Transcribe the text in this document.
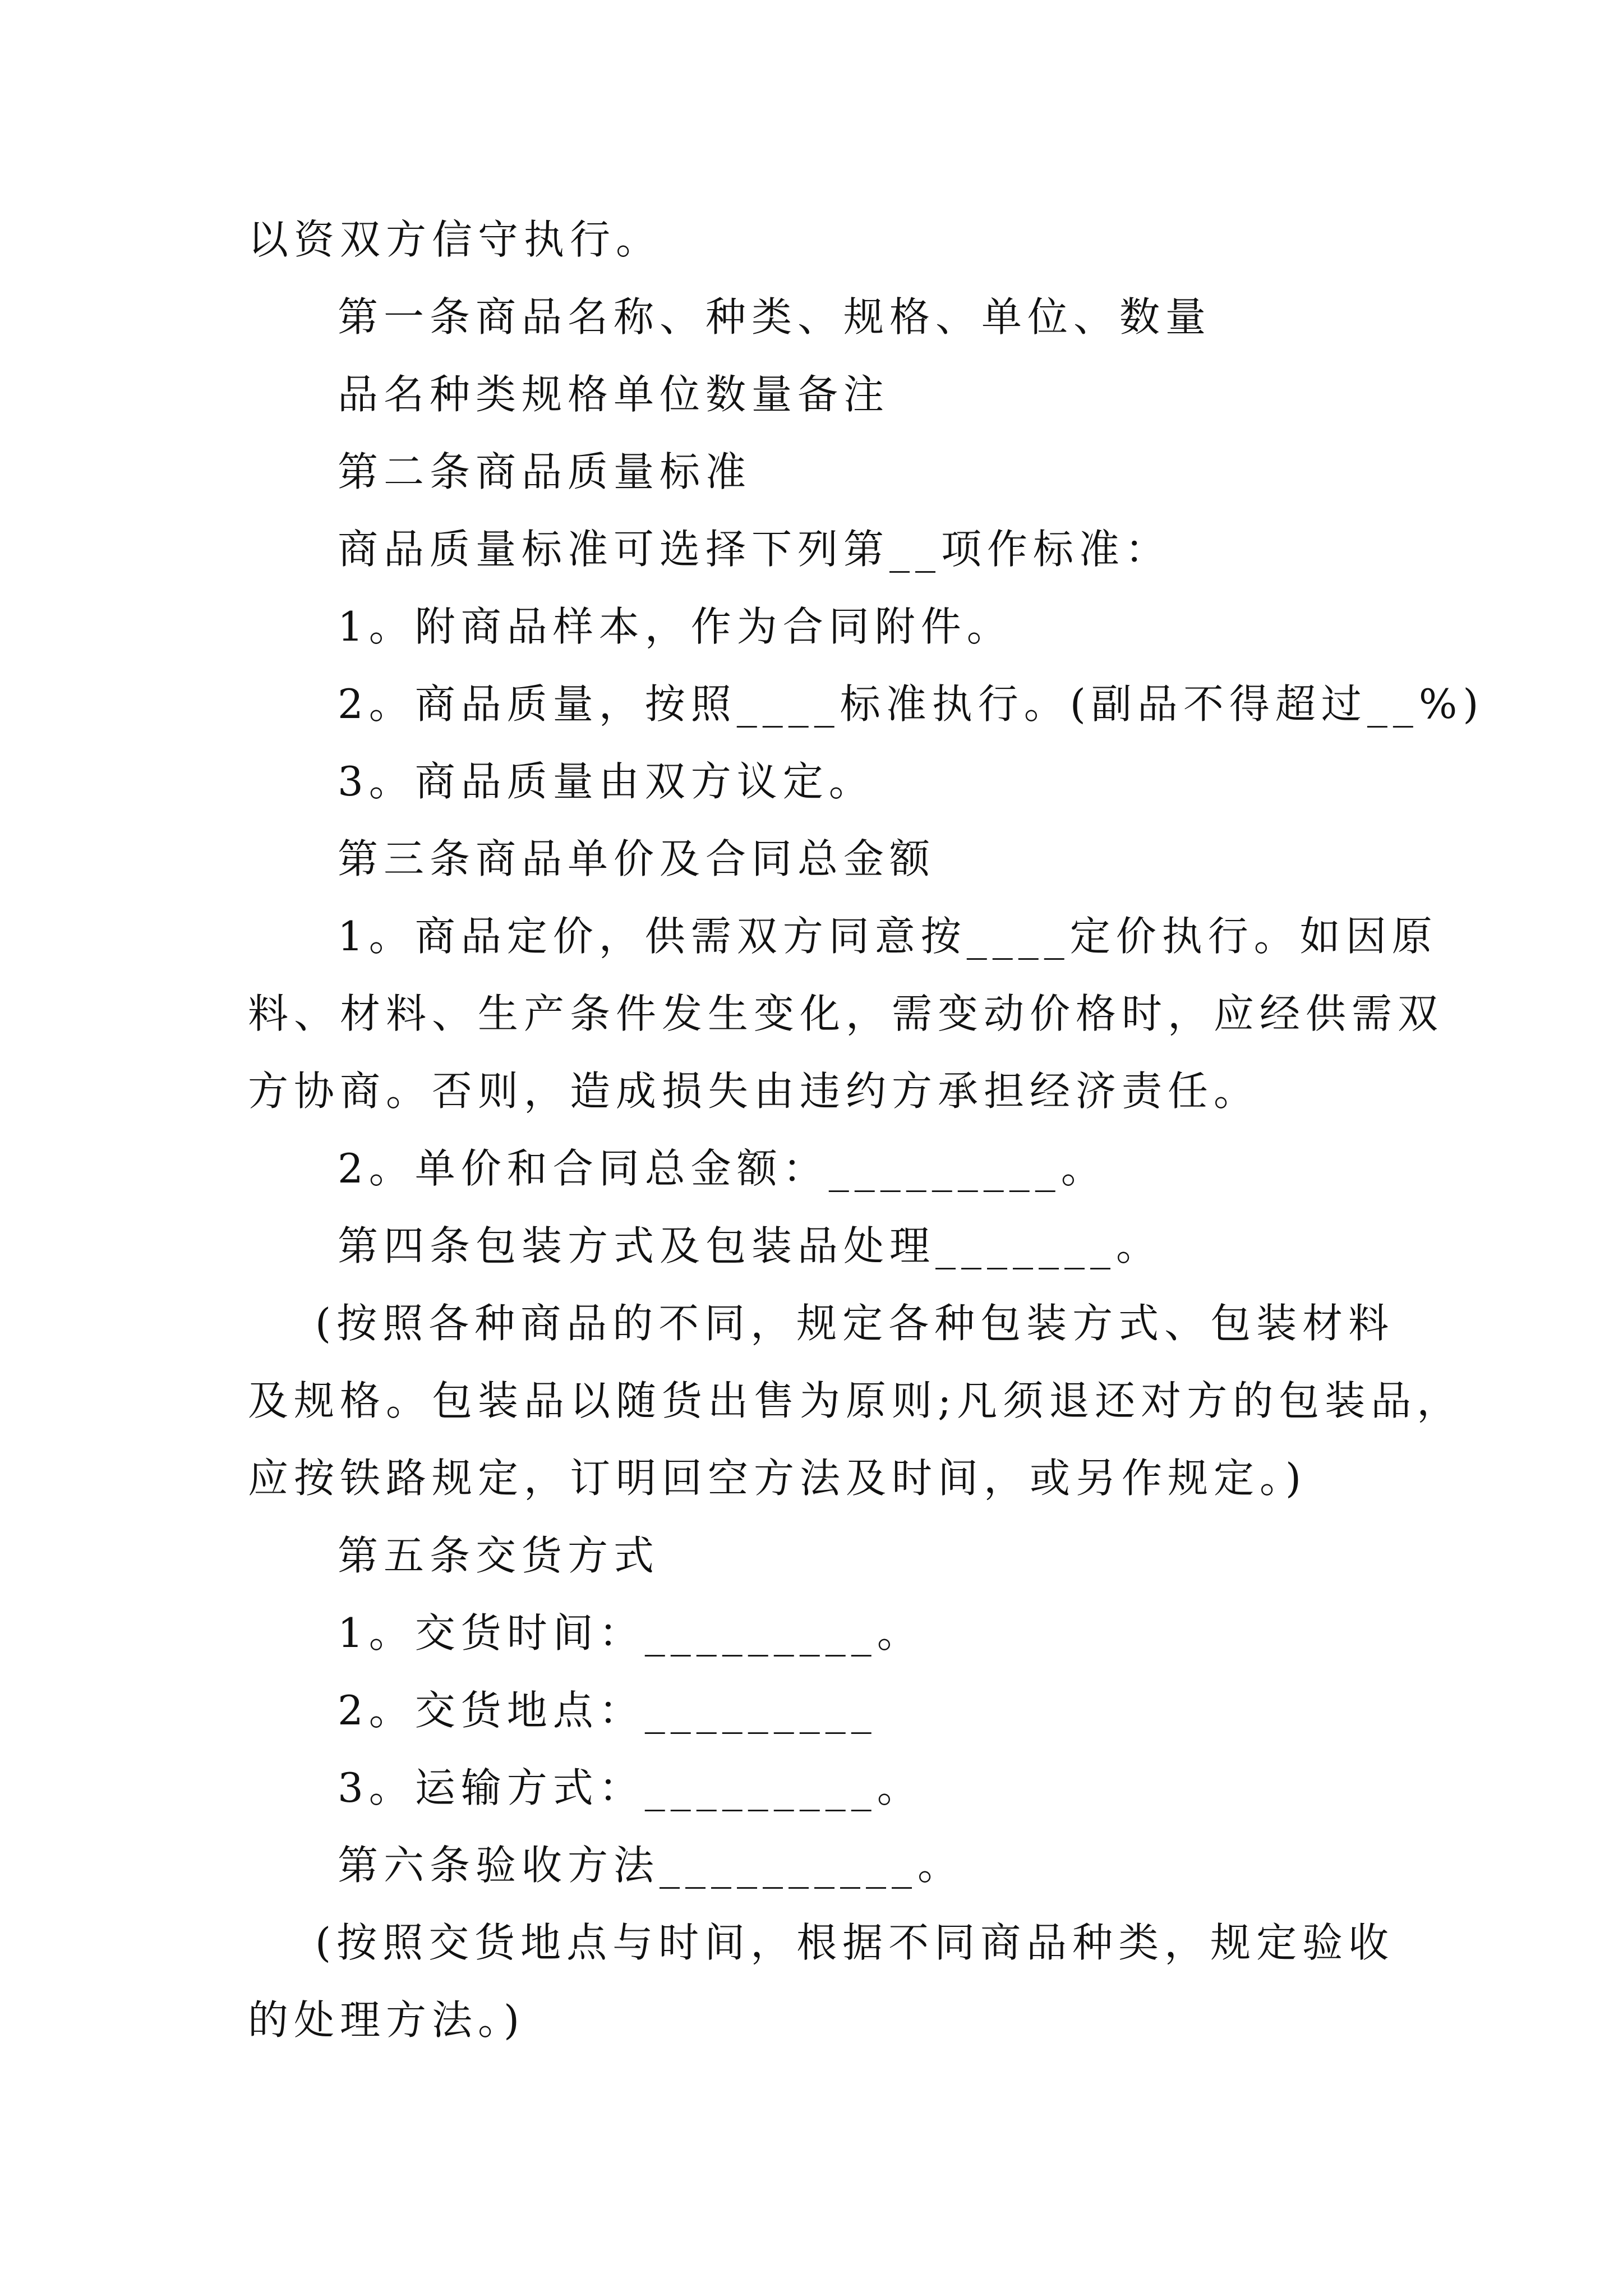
以资双方信守执行。
第一条商品名称、种类、规格、单位、数量
品名种类规格单位数量备注
第二条商品质量标准
商品质量标准可选择下列第__项作标准：
1。附商品样本，作为合同附件。
2。商品质量，按照____标准执行。(副品不得超过__%)
3。商品质量由双方议定。
第三条商品单价及合同总金额
1。商品定价，供需双方同意按____定价执行。如因原
料、材料、生产条件发生变化，需变动价格时，应经供需双
方协商。否则，造成损失由违约方承担经济责任。
2。单价和合同总金额：_________。
第四条包装方式及包装品处理_______。
(按照各种商品的不同，规定各种包装方式、包装材料
及规格。包装品以随货出售为原则;凡须退还对方的包装品，
应按铁路规定，订明回空方法及时间，或另作规定。)
第五条交货方式
1。交货时间：_________。
2。交货地点：_________
3。运输方式：_________。
第六条验收方法__________。
(按照交货地点与时间，根据不同商品种类，规定验收
的处理方法。)
